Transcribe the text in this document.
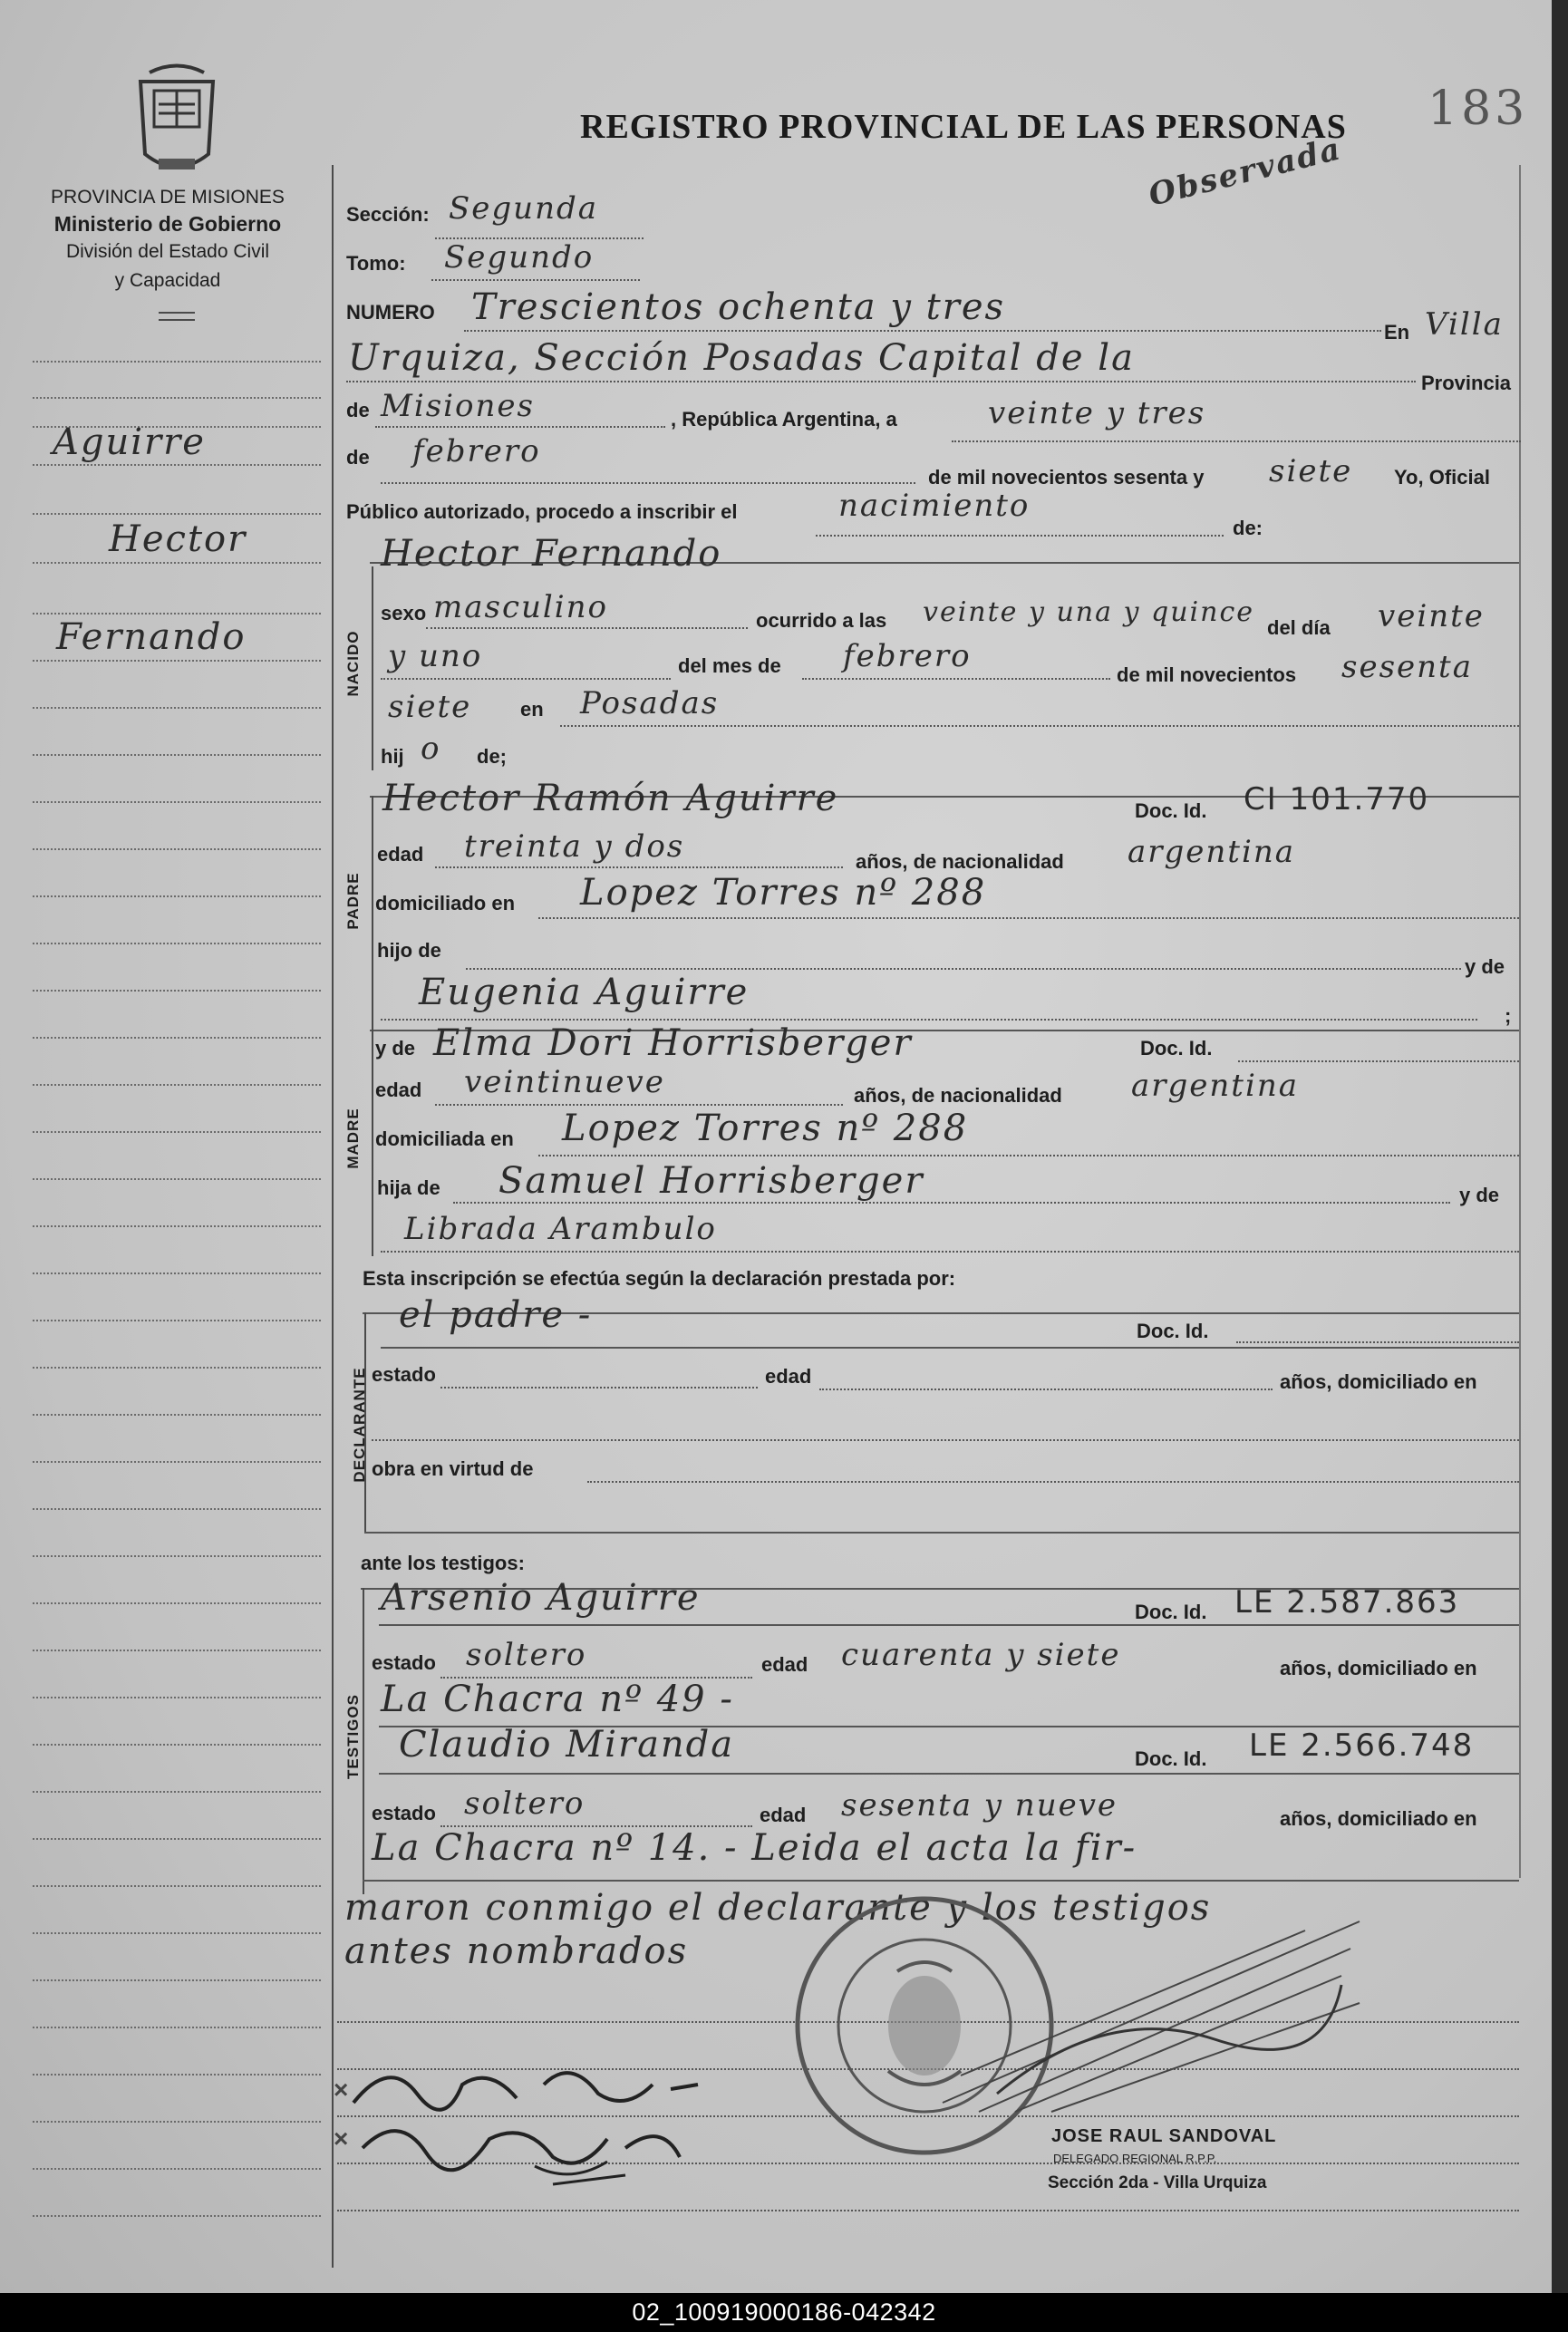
PROVINCIA DE MISIONES
Ministerio de Gobierno
División del Estado Civil
y Capacidad
REGISTRO PROVINCIAL DE LAS PERSONAS 183
Observada
Aguirre
Hector
Fernando
Sección: Segunda
Tomo: Segundo
NUMERO Trescientos ochenta y tres
En Villa
Urquiza, Sección Posadas Capital de la
Provincia
de Misiones	, República Argentina, a	veinte y tres
de febrero
de mil novecientos sesenta y siete Yo, Oficial
Público autorizado, procedo a inscribir el	nacimiento
de:
Hector Fernando
NACIDO
sexo masculino	ocurrido a las veinte y una y quince del día veinte
y uno	del mes de febrero
de mil novecientos sesenta
siete en Posadas
hij o de;
PADRE
Hector Ramón Aguirre	Doc. Id. CI 101.770
edad treinta y dos	años, de nacionalidad argentina
domiciliado en Lopez Torres nº 288
hijo de
y de
Eugenia Aguirre
;
MADRE
y de Elma Dori Horrisberger	Doc. Id.
edad veintinueve	años, de nacionalidad argentina
domiciliada en Lopez Torres nº 288
hija de Samuel Horrisberger	y de
Librada Arambulo
Esta inscripción se efectúa según la declaración prestada por:
DECLARANTE
el padre -	Doc. Id.
estado	edad	años, domiciliado en
obra en virtud de
ante los testigos:
TESTIGOS
Arsenio Aguirre	Doc. Id. LE 2.587.863
estado soltero	edad cuarenta y siete	años, domiciliado en
La Chacra nº 49 -
Claudio Miranda	Doc. Id. LE 2.566.748
estado soltero	edad sesenta y nueve	años, domiciliado en
La Chacra nº 14. - Leida el acta la fir-
maron conmigo el declarante y los testigos
antes nombrados
×
×	JOSE RAUL SANDOVAL
DELEGADO REGIONAL R.P.P.
Sección 2da - Villa Urquiza
02_100919000186-042342
